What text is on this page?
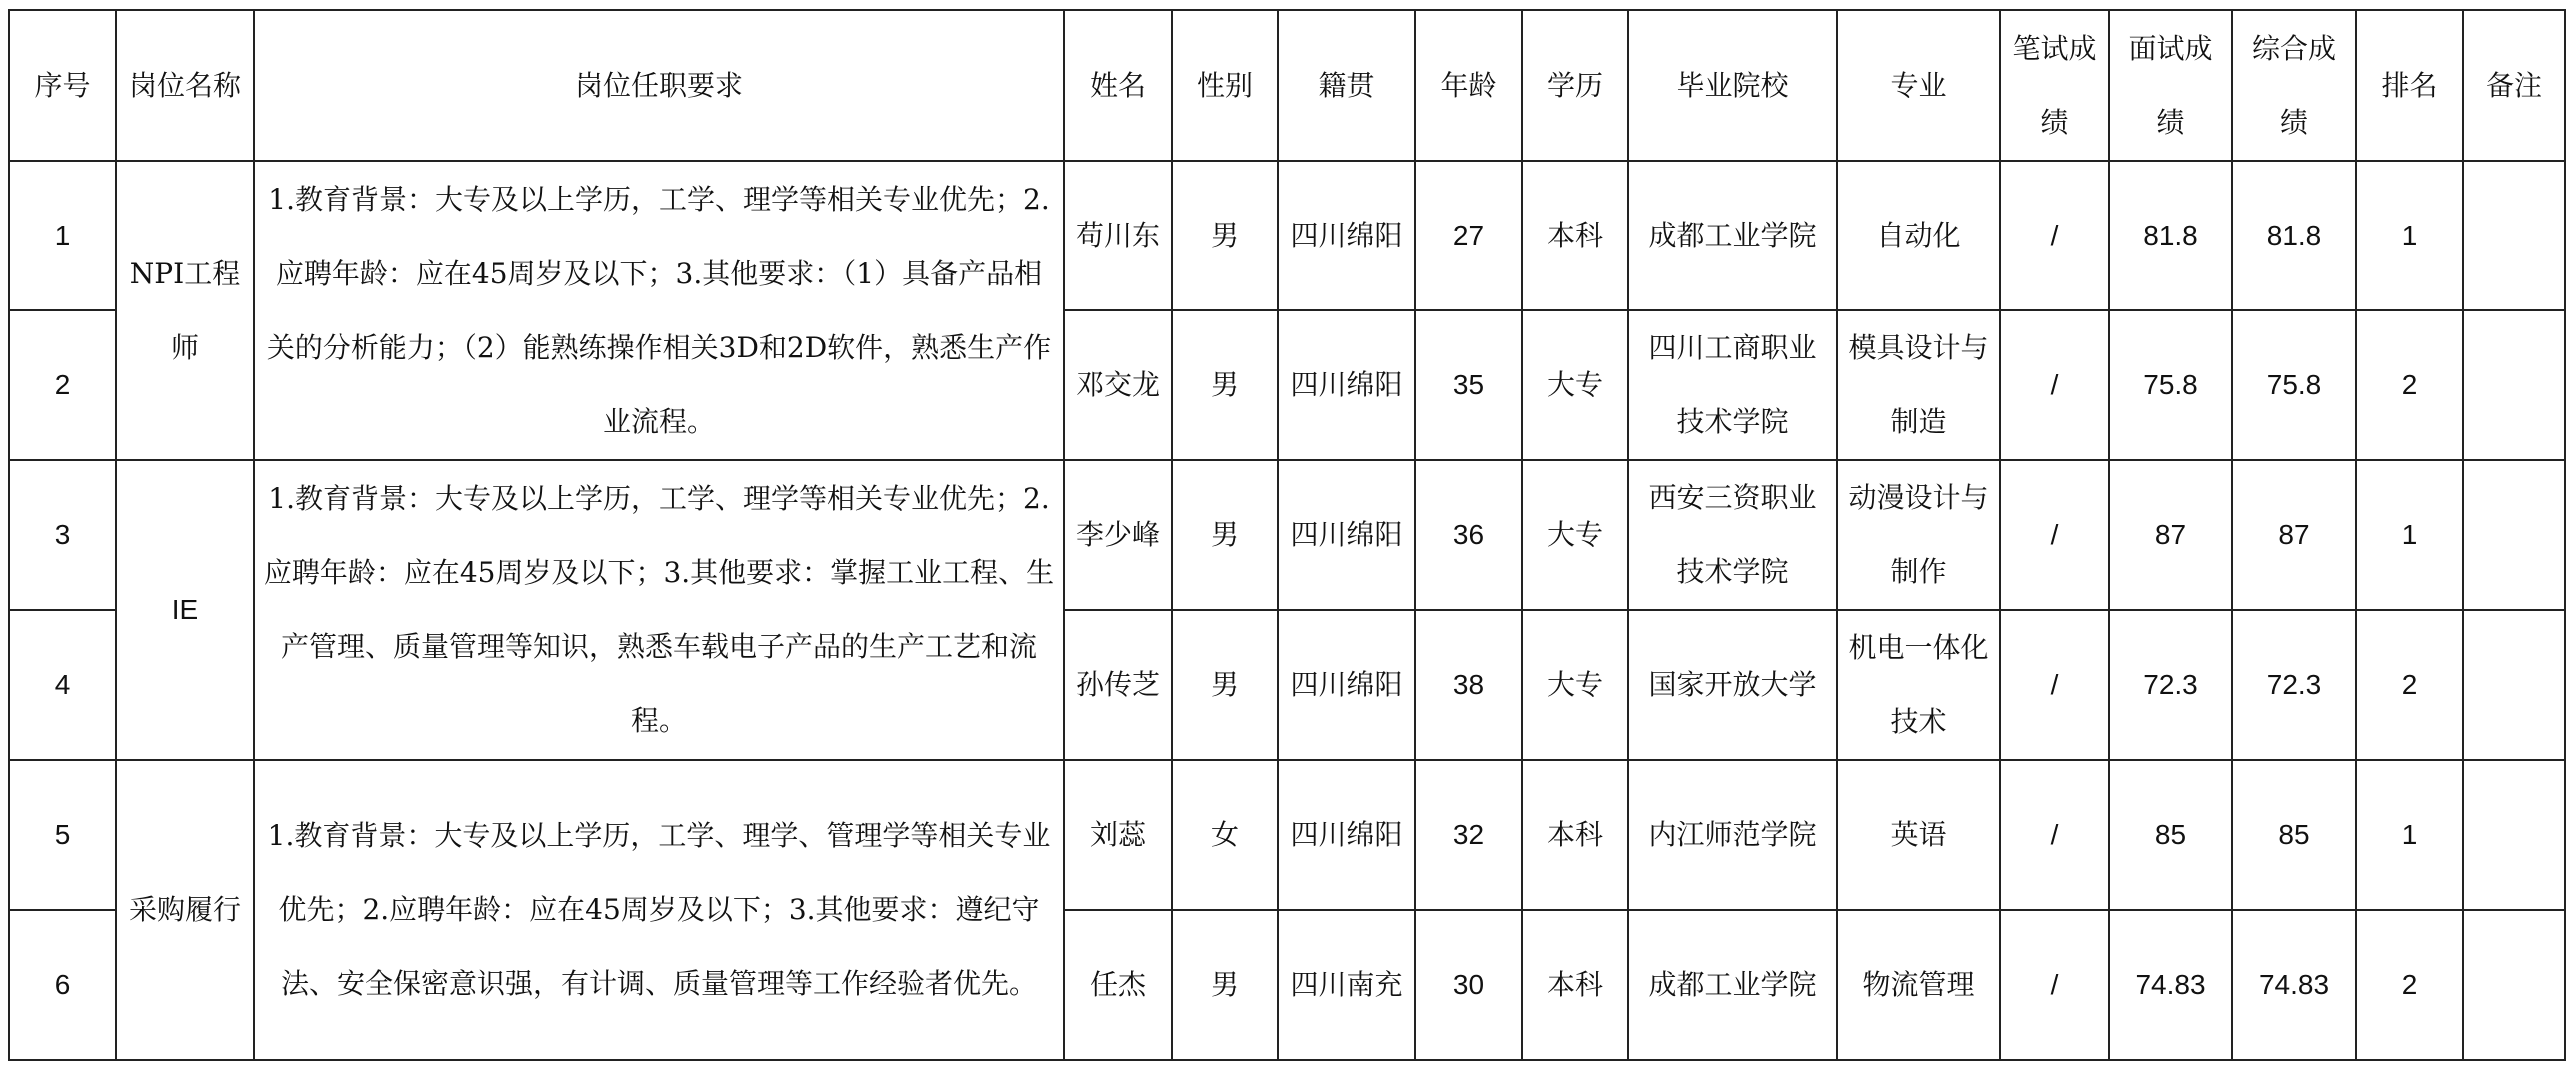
序号	岗位名称	岗位任职要求	姓名	性别	籍贯	年龄	学历	毕业院校	专业	笔试成绩	面试成绩	综合成绩	排名	备注
1	NPI工程师	1.教育背景：大专及以上学历，工学、理学等相关专业优先；2.应聘年龄：应在45周岁及以下；3.其他要求：（1）具备产品相关的分析能力；（2）能熟练操作相关3D和2D软件，熟悉生产作业流程。	苟川东	男	四川绵阳	27	本科	成都工业学院	自动化	/	81.8	81.8	1	
2			邓交龙	男	四川绵阳	35	大专	四川工商职业技术学院	模具设计与制造	/	75.8	75.8	2	
3	IE	1.教育背景：大专及以上学历，工学、理学等相关专业优先；2.应聘年龄：应在45周岁及以下；3.其他要求：掌握工业工程、生产管理、质量管理等知识，熟悉车载电子产品的生产工艺和流程。	李少峰	男	四川绵阳	36	大专	西安三资职业技术学院	动漫设计与制作	/	87	87	1	
4			孙传芝	男	四川绵阳	38	大专	国家开放大学	机电一体化技术	/	72.3	72.3	2	
5	采购履行	1.教育背景：大专及以上学历，工学、理学、管理学等相关专业优先；2.应聘年龄：应在45周岁及以下；3.其他要求：遵纪守法、安全保密意识强，有计调、质量管理等工作经验者优先。	刘蕊	女	四川绵阳	32	本科	内江师范学院	英语	/	85	85	1	
6			任杰	男	四川南充	30	本科	成都工业学院	物流管理	/	74.83	74.83	2	
